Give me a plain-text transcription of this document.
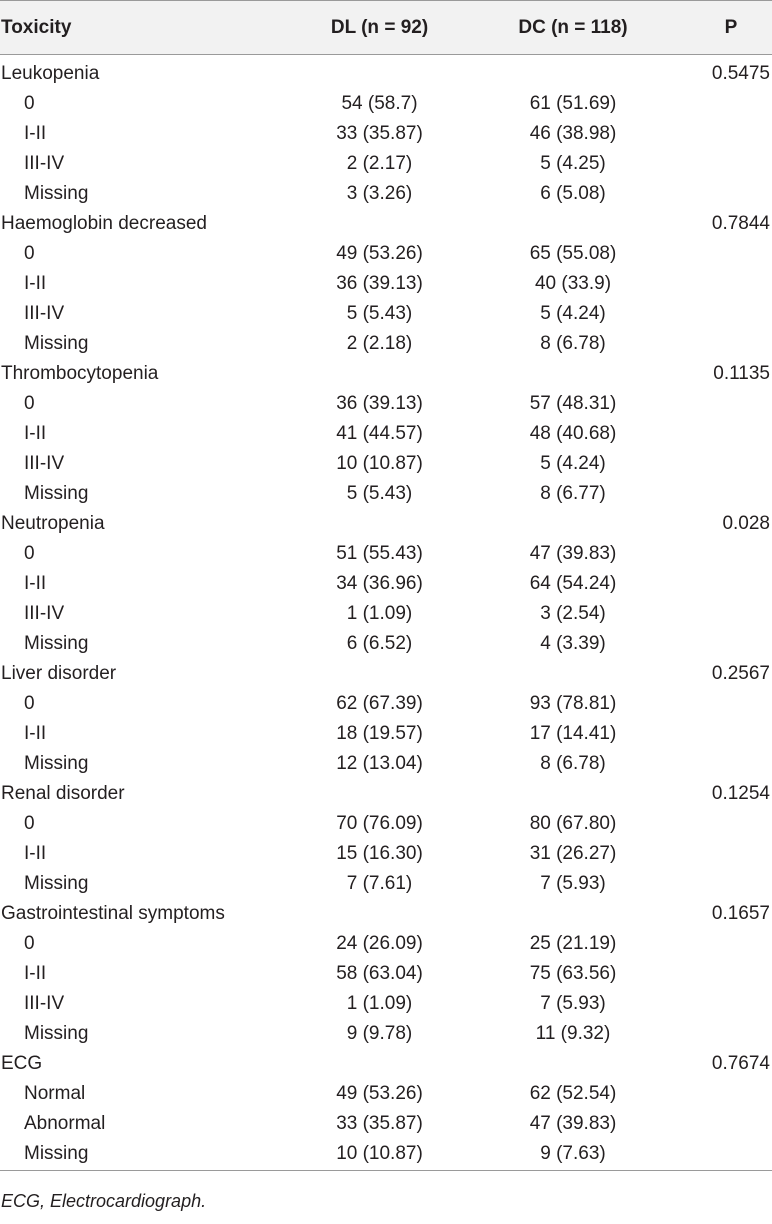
Toxicity	DL (n = 92)	DC (n = 118)	P
Leukopenia			0.5475
0	54 (58.7)	61 (51.69)	
I-II	33 (35.87)	46 (38.98)	
III-IV	2 (2.17)	5 (4.25)	
Missing	3 (3.26)	6 (5.08)	
Haemoglobin decreased			0.7844
0	49 (53.26)	65 (55.08)	
I-II	36 (39.13)	40 (33.9)	
III-IV	5 (5.43)	5 (4.24)	
Missing	2 (2.18)	8 (6.78)	
Thrombocytopenia			0.1135
0	36 (39.13)	57 (48.31)	
I-II	41 (44.57)	48 (40.68)	
III-IV	10 (10.87)	5 (4.24)	
Missing	5 (5.43)	8 (6.77)	
Neutropenia			0.028
0	51 (55.43)	47 (39.83)	
I-II	34 (36.96)	64 (54.24)	
III-IV	1 (1.09)	3 (2.54)	
Missing	6 (6.52)	4 (3.39)	
Liver disorder			0.2567
0	62 (67.39)	93 (78.81)	
I-II	18 (19.57)	17 (14.41)	
Missing	12 (13.04)	8 (6.78)	
Renal disorder			0.1254
0	70 (76.09)	80 (67.80)	
I-II	15 (16.30)	31 (26.27)	
Missing	7 (7.61)	7 (5.93)	
Gastrointestinal symptoms			0.1657
0	24 (26.09)	25 (21.19)	
I-II	58 (63.04)	75 (63.56)	
III-IV	1 (1.09)	7 (5.93)	
Missing	9 (9.78)	11 (9.32)	
ECG			0.7674
Normal	49 (53.26)	62 (52.54)	
Abnormal	33 (35.87)	47 (39.83)	
Missing	10 (10.87)	9 (7.63)	
ECG, Electrocardiograph.
